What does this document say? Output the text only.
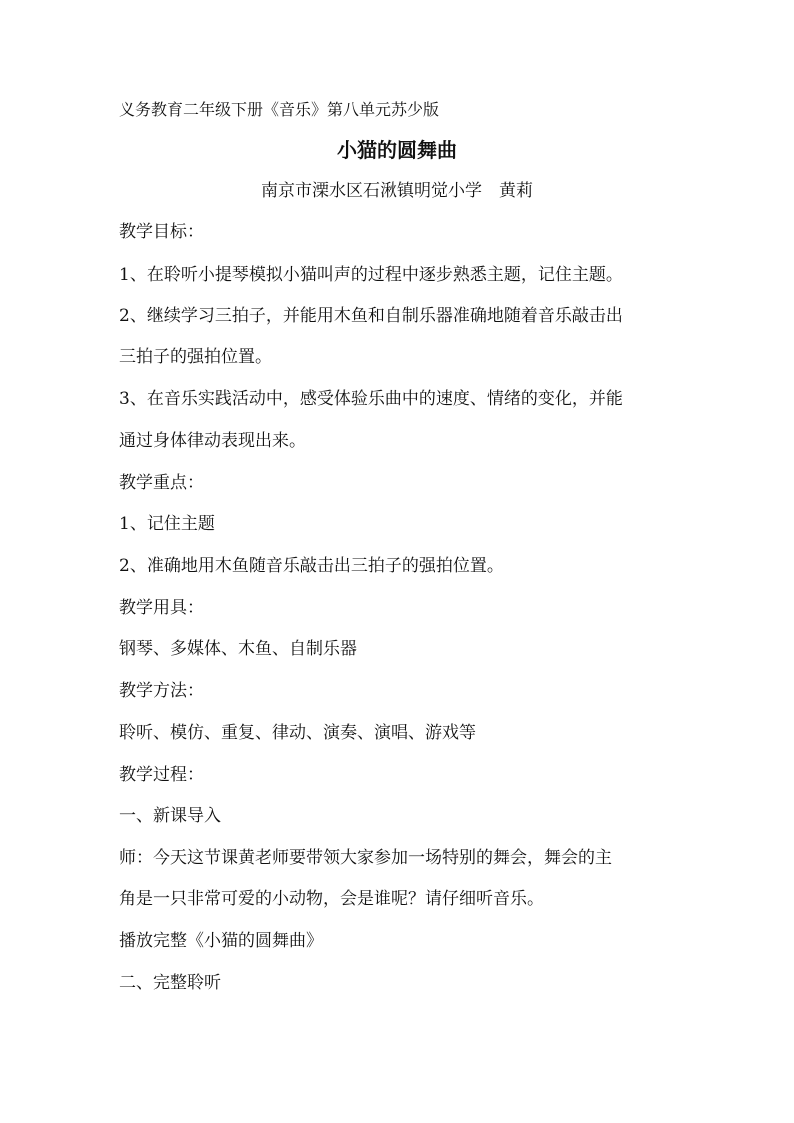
义务教育二年级下册《音乐》第八单元苏少版
小猫的圆舞曲
南京市溧水区石湫镇明觉小学　黄莉
教学目标：
1、在聆听小提琴模拟小猫叫声的过程中逐步熟悉主题，记住主题。
2、继续学习三拍子，并能用木鱼和自制乐器准确地随着音乐敲击出
三拍子的强拍位置。
3、在音乐实践活动中，感受体验乐曲中的速度、情绪的变化，并能
通过身体律动表现出来。
教学重点：
1、记住主题
2、准确地用木鱼随音乐敲击出三拍子的强拍位置。
教学用具：
钢琴、多媒体、木鱼、自制乐器
教学方法：
聆听、模仿、重复、律动、演奏、演唱、游戏等
教学过程：
一、新课导入
师：今天这节课黄老师要带领大家参加一场特别的舞会，舞会的主
角是一只非常可爱的小动物，会是谁呢？请仔细听音乐。
播放完整《小猫的圆舞曲》
二、完整聆听
